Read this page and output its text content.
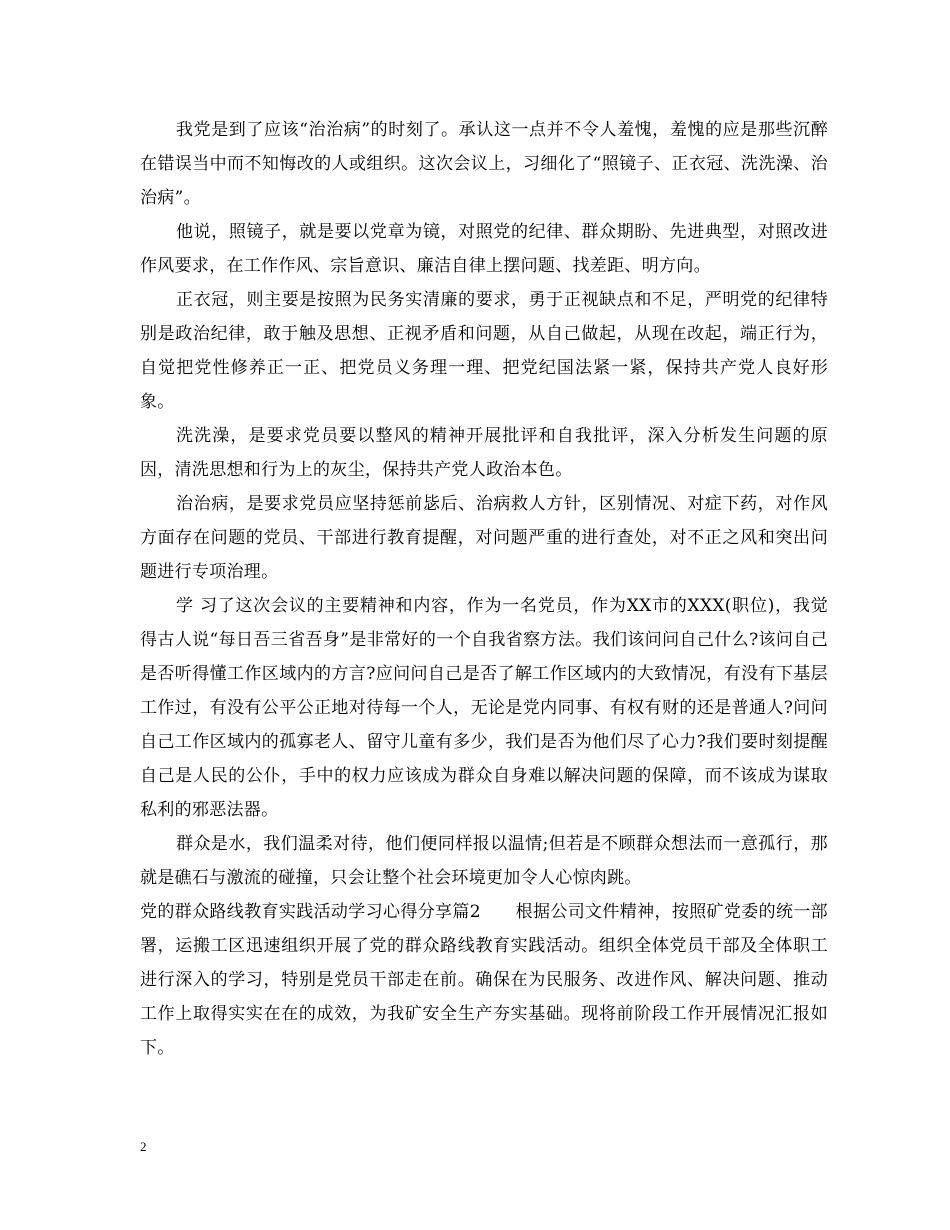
我党是到了应该“治治病”的时刻了。承认这一点并不令人羞愧，羞愧的应是那些沉醉在错误当中而不知悔改的人或组织。这次会议上，习细化了“照镜子、正衣冠、洗洗澡、治治病”。

他说，照镜子，就是要以党章为镜，对照党的纪律、群众期盼、先进典型，对照改进作风要求，在工作作风、宗旨意识、廉洁自律上摆问题、找差距、明方向。

正衣冠，则主要是按照为民务实清廉的要求，勇于正视缺点和不足，严明党的纪律特别是政治纪律，敢于触及思想、正视矛盾和问题，从自己做起，从现在改起，端正行为，自觉把党性修养正一正、把党员义务理一理、把党纪国法紧一紧，保持共产党人良好形象。

洗洗澡，是要求党员要以整风的精神开展批评和自我批评，深入分析发生问题的原因，清洗思想和行为上的灰尘，保持共产党人政治本色。

治治病，是要求党员应坚持惩前毖后、治病救人方针，区别情况、对症下药，对作风方面存在问题的党员、干部进行教育提醒，对问题严重的进行查处，对不正之风和突出问题进行专项治理。

学 习了这次会议的主要精神和内容，作为一名党员，作为XX市的XXX(职位)，我觉得古人说“每日吾三省吾身”是非常好的一个自我省察方法。我们该问问自己什么?该问自己是否听得懂工作区域内的方言?应问问自己是否了解工作区域内的大致情况，有没有下基层工作过，有没有公平公正地对待每一个人，无论是党内同事、有权有财的还是普通人?问问自己工作区域内的孤寡老人、留守儿童有多少，我们是否为他们尽了心力?我们要时刻提醒自己是人民的公仆，手中的权力应该成为群众自身难以解决问题的保障，而不该成为谋取私利的邪恶法器。

群众是水，我们温柔对待，他们便同样报以温情;但若是不顾群众想法而一意孤行，那就是礁石与激流的碰撞，只会让整个社会环境更加令人心惊肉跳。

党的群众路线教育实践活动学习心得分享篇2　　根据公司文件精神，按照矿党委的统一部署，运搬工区迅速组织开展了党的群众路线教育实践活动。组织全体党员干部及全体职工进行深入的学习，特别是党员干部走在前。确保在为民服务、改进作风、解决问题、推动工作上取得实实在在的成效，为我矿安全生产夯实基础。现将前阶段工作开展情况汇报如下。

2
